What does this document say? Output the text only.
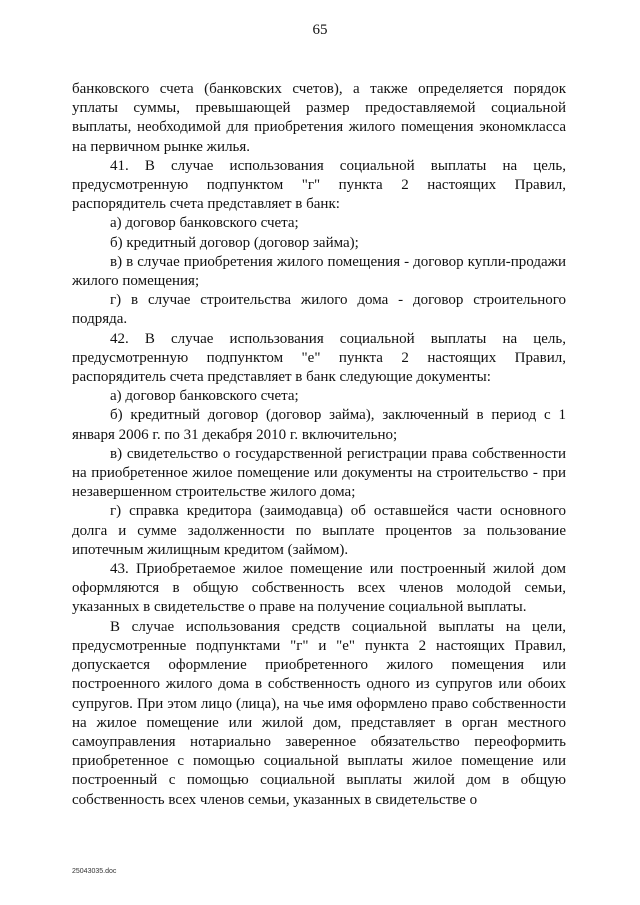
65

банковского счета (банковских счетов), а также определяется порядок уплаты суммы, превышающей размер предоставляемой социальной выплаты, необходимой для приобретения жилого помещения экономкласса на первичном рынке жилья.

41. В случае использования социальной выплаты на цель, предусмотренную подпунктом "г" пункта 2 настоящих Правил, распорядитель счета представляет в банк:

а) договор банковского счета;

б) кредитный договор (договор займа);

в) в случае приобретения жилого помещения - договор купли-продажи жилого помещения;

г) в случае строительства жилого дома - договор строительного подряда.

42. В случае использования социальной выплаты на цель, предусмотренную подпунктом "е" пункта 2 настоящих Правил, распорядитель счета представляет в банк следующие документы:

а) договор банковского счета;

б) кредитный договор (договор займа), заключенный в период с 1 января 2006 г. по 31 декабря 2010 г. включительно;

в) свидетельство о государственной регистрации права собственности на приобретенное жилое помещение или документы на строительство - при незавершенном строительстве жилого дома;

г) справка кредитора (заимодавца) об оставшейся части основного долга и сумме задолженности по выплате процентов за пользование ипотечным жилищным кредитом (займом).

43. Приобретаемое жилое помещение или построенный жилой дом оформляются в общую собственность всех членов молодой семьи, указанных в свидетельстве о праве на получение социальной выплаты.

В случае использования средств социальной выплаты на цели, предусмотренные подпунктами "г" и "е" пункта 2 настоящих Правил, допускается оформление приобретенного жилого помещения или построенного жилого дома в собственность одного из супругов или обоих супругов. При этом лицо (лица), на чье имя оформлено право собственности на жилое помещение или жилой дом, представляет в орган местного самоуправления нотариально заверенное обязательство переоформить приобретенное с помощью социальной выплаты жилое помещение или построенный с помощью социальной выплаты жилой дом в общую собственность всех членов семьи, указанных в свидетельстве о

25043035.doc
